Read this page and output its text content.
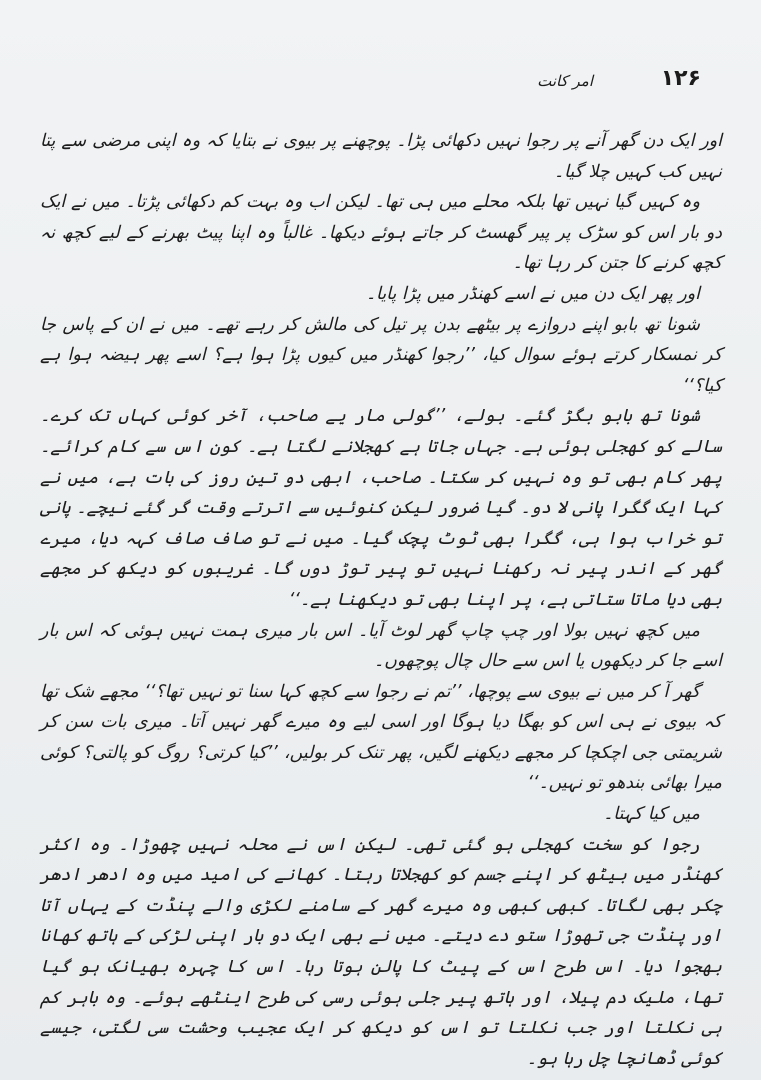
۱۲۶
امر کانت

اور ایک دن گھر آنے پر رجوا نہیں دکھائی پڑا۔ پوچھنے پر بیوی نے بتایا کہ وہ اپنی مرضی سے پتا نہیں کب کہیں چلا گیا۔

وہ کہیں گیا نہیں تھا بلکہ محلے میں ہی تھا۔ لیکن اب وہ بہت کم دکھائی پڑتا۔ میں نے ایک دو بار اس کو سڑک پر پیر گھسٹ کر جاتے ہوئے دیکھا۔ غالباً وہ اپنا پیٹ بھرنے کے لیے کچھ نہ کچھ کرنے کا جتن کر رہا تھا۔

اور پھر ایک دن میں نے اسے کھنڈر میں پڑا پایا۔

شونا تھ بابو اپنے دروازے پر بیٹھے بدن پر تیل کی مالش کر رہے تھے۔ میں نے ان کے پاس جا کر نمسکار کرتے ہوئے سوال کیا، ’’رجوا کھنڈر میں کیوں پڑا ہوا ہے؟ اسے پھر ہیضہ ہوا ہے کیا؟‘‘

شونا تھ بابو بگڑ گئے۔ بولے، ’’گولی مار یے صاحب، آخر کوئی کہاں تک کرے۔ سالے کو کھجلی ہوئی ہے۔ جہاں جاتا ہے کھجلانے لگتا ہے۔ کون اس سے کام کرائے۔ پھر کام بھی تو وہ نہیں کر سکتا۔ صاحب، ابھی دو تین روز کی بات ہے، میں نے کہا ایک گگرا پانی لا دو۔ گیا ضرور لیکن کنوئیں سے اترتے وقت گر گئے نیچے۔ پانی تو خراب ہوا ہی، گگرا بھی ٹوٹ پچک گیا۔ میں نے تو صاف صاف کہہ دیا، میرے گھر کے اندر پیر نہ رکھنا نہیں تو پیر توڑ دوں گا۔ غریبوں کو دیکھ کر مجھے بھی دیا ماتا ستاتی ہے، پر اپنا بھی تو دیکھنا ہے۔‘‘

میں کچھ نہیں بولا اور چپ چاپ گھر لوٹ آیا۔ اس بار میری ہمت نہیں ہوئی کہ اس بار اسے جا کر دیکھوں یا اس سے حال چال پوچھوں۔

گھر آ کر میں نے بیوی سے پوچھا، ’’تم نے رجوا سے کچھ کہا سنا تو نہیں تھا؟‘‘ مجھے شک تھا کہ بیوی نے ہی اس کو بھگا دیا ہوگا اور اسی لیے وہ میرے گھر نہیں آتا۔ میری بات سن کر شریمتی جی اچکچا کر مجھے دیکھنے لگیں، پھر تنک کر بولیں، ’’کیا کرتی؟ روگ کو پالتی؟ کوئی میرا بھائی بندھو تو نہیں۔‘‘

میں کیا کہتا۔

رجوا کو سخت کھجلی ہو گئی تھی۔ لیکن اس نے محلہ نہیں چھوڑا۔ وہ اکثر کھنڈر میں بیٹھ کر اپنے جسم کو کھجلاتا رہتا۔ کھانے کی امید میں وہ ادھر ادھر چکر بھی لگاتا۔ کبھی کبھی وہ میرے گھر کے سامنے لکڑی والے پنڈت کے یہاں آتا اور پنڈت جی تھوڑا ستو دے دیتے۔ میں نے بھی ایک دو بار اپنی لڑکی کے ہاتھ کھانا بھجوا دیا۔ اس طرح اس کے پیٹ کا پالن ہوتا رہا۔ اس کا چہرہ بھیانک ہو گیا تھا، ملیک دم پیلا، اور ہاتھ پیر جلی ہوئی رسی کی طرح اینٹھے ہوئے۔ وہ باہر کم ہی نکلتا اور جب نکلتا تو اس کو دیکھ کر ایک عجیب وحشت سی لگتی، جیسے کوئی ڈھانچا چل رہا ہو۔
